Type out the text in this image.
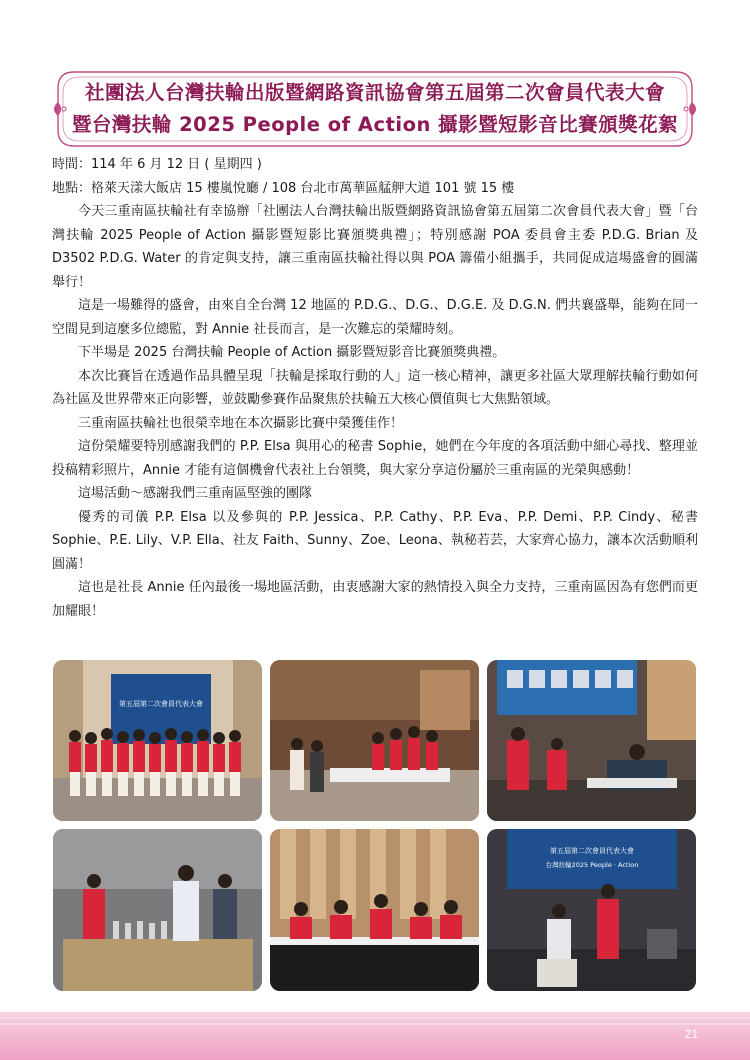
社團法人台灣扶輪出版暨網路資訊協會第五屆第二次會員代表大會
暨台灣扶輪 2025 People of Action 攝影暨短影音比賽頒獎花絮

時間：114 年 6 月 12 日 ( 星期四 )

地點：格萊天漾大飯店 15 樓嵐悅廳 / 108 台北市萬華區艋舺大道 101 號 15 樓

今天三重南區扶輪社有幸協辦「社團法人台灣扶輪出版暨網路資訊協會第五屆第二次會員代表大會」暨「台灣扶輪 2025 People of Action 攝影暨短影比賽頒獎典禮」；特別感謝 POA 委員會主委 P.D.G. Brian 及 D3502 P.D.G. Water 的肯定與支持，讓三重南區扶輪社得以與 POA 籌備小組攜手，共同促成這場盛會的圓滿舉行！

這是一場難得的盛會，由來自全台灣 12 地區的 P.D.G.、D.G.、D.G.E. 及 D.G.N. 們共襄盛舉，能夠在同一空間見到這麼多位總監，對 Annie 社長而言，是一次難忘的榮耀時刻。

下半場是 2025 台灣扶輪 People of Action 攝影暨短影音比賽頒獎典禮。

本次比賽旨在透過作品具體呈現「扶輪是採取行動的人」這一核心精神，讓更多社區大眾理解扶輪行動如何為社區及世界帶來正向影響，並鼓勵參賽作品聚焦於扶輪五大核心價值與七大焦點領域。

三重南區扶輪社也很榮幸地在本次攝影比賽中榮獲佳作！

這份榮耀要特別感謝我們的 P.P. Elsa 與用心的秘書 Sophie，她們在今年度的各項活動中細心尋找、整理並投稿精彩照片，Annie 才能有這個機會代表社上台領獎，與大家分享這份屬於三重南區的光榮與感動！

這場活動～感謝我們三重南區堅強的團隊

優秀的司儀 P.P. Elsa 以及參與的 P.P. Jessica、P.P. Cathy、P.P. Eva、P.P. Demi、P.P. Cindy、秘書 Sophie、P.E. Lily、V.P. Ella、社友 Faith、Sunny、Zoe、Leona、執秘若芸，大家齊心協力，讓本次活動順利圓滿！

這也是社長 Annie 任內最後一場地區活動，由衷感謝大家的熱情投入與全力支持，三重南區因為有您們而更加耀眼！

第五屆第二次會員代表大會
第五屆第二次會員代表大會
台灣扶輪2025 People · Action
21
